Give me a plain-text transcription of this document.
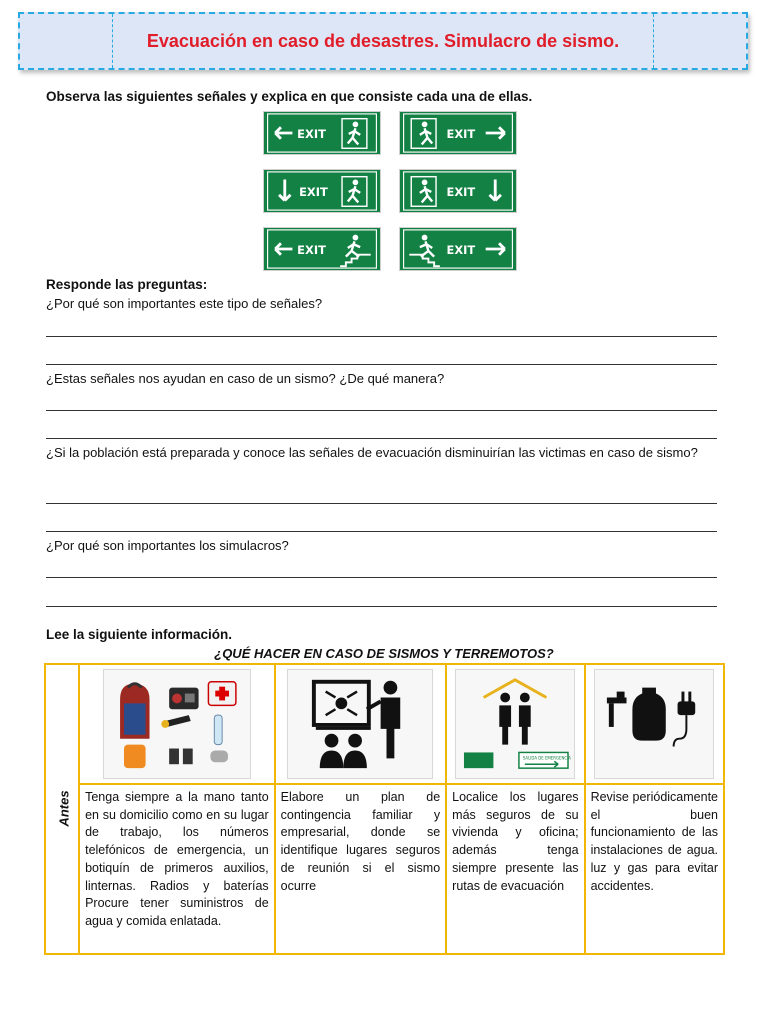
Evacuación en caso de desastres. Simulacro de sismo.
Observa las siguientes señales y explica en que consiste cada una de ellas.
EXIT	EXIT
EXIT	EXIT
EXIT	EXIT
Responde las preguntas:
¿Por qué son importantes este tipo de señales?
¿Estas señales nos ayudan en caso de un sismo? ¿De qué manera?
¿Si la población está preparada y conoce las señales de evacuación disminuirían las victimas en caso de sismo?
¿Por qué son importantes los simulacros?
Lee la siguiente información.
¿QUÉ HACER EN CASO DE SISMOS Y TERREMOTOS?
Antes			SALIDA DE EMERGENCIA

	Tenga siempre a la mano tanto en su domicilio como en su lugar de trabajo, los números telefónicos de emergencia, un botiquín de primeros auxilios, linternas. Radios y baterías Procure tener suministros de agua y comida enlatada.	Elabore un plan de contingencia familiar y empresarial, donde se identifique lugares seguros de reunión si el sismo ocurre	Localice los lugares más seguros de su vivienda y oficina; además tenga siempre presente las rutas de evacuación	Revise periódicamente el buen funcionamiento de las instalaciones de agua. luz y gas para evitar accidentes.
